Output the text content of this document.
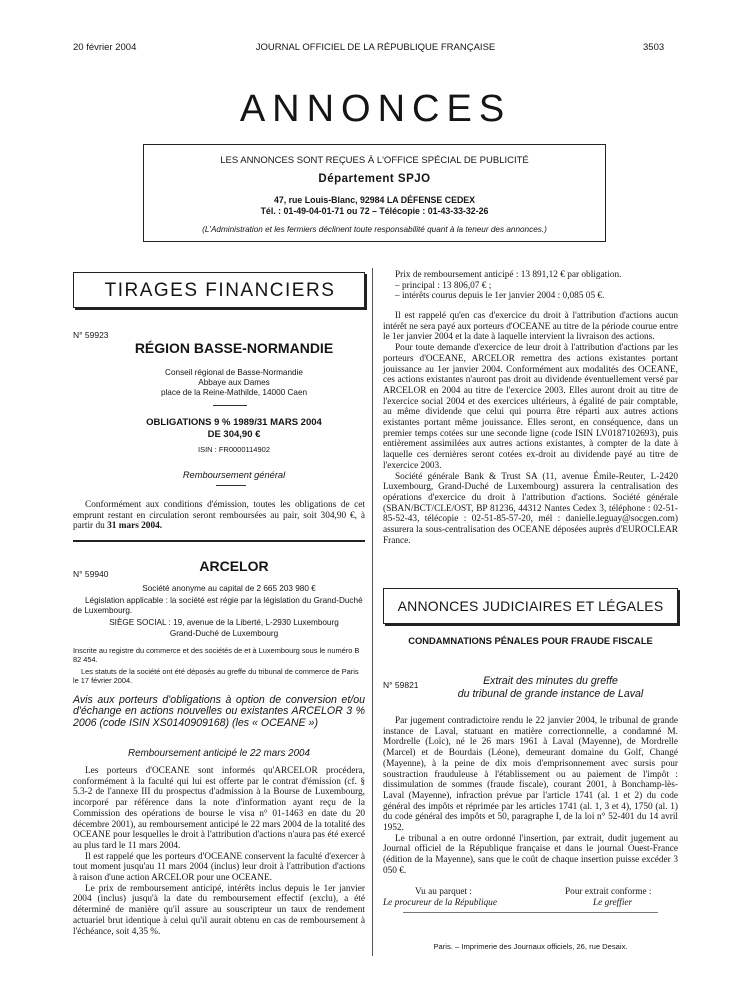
20 février 2004	JOURNAL OFFICIEL DE LA RÉPUBLIQUE FRANÇAISE	3503
ANNONCES
LES ANNONCES SONT REÇUES À L'OFFICE SPÉCIAL DE PUBLICITÉ
Département SPJO
47, rue Louis-Blanc, 92984 LA DÉFENSE CEDEX
Tél. : 01-49-04-01-71 ou 72 – Télécopie : 01-43-33-32-26
(L'Administration et les fermiers déclinent toute responsabilité quant à la teneur des annonces.)
TIRAGES FINANCIERS
N° 59923
RÉGION BASSE-NORMANDIE
Conseil régional de Basse-Normandie
Abbaye aux Dames
place de la Reine-Mathilde, 14000 Caen
OBLIGATIONS 9 % 1989/31 MARS 2004
DE 304,90 €
ISIN : FR0000114902
Remboursement général

Conformément aux conditions d'émission, toutes les obligations de cet emprunt restant en circulation seront remboursées au pair, soit 304,90 €, à partir du 31 mars 2004.

N° 59940	ARCELOR
Société anonyme au capital de 2 665 203 980 €
Législation applicable : la société est régie par la législation du Grand-Duché de Luxembourg.
SIÈGE SOCIAL : 19, avenue de la Liberté, L-2930 Luxembourg
Grand-Duché de Luxembourg
Inscrite au registre du commerce et des sociétés de et à Luxembourg sous le numéro B 82 454.
Les statuts de la société ont été déposés au greffe du tribunal de commerce de Paris le 17 février 2004.
Avis aux porteurs d'obligations à option de conversion et/ou d'échange en actions nouvelles ou existantes ARCELOR 3 % 2006 (code ISIN XS0140909168) (les « OCEANE »)
Remboursement anticipé le 22 mars 2004

Les porteurs d'OCEANE sont informés qu'ARCELOR procédera, conformément à la faculté qui lui est offerte par le contrat d'émission (cf. § 5.3-2 de l'annexe III du prospectus d'admission à la Bourse de Luxembourg, incorporé par référence dans la note d'information ayant reçu de la Commission des opérations de bourse le visa n° 01-1463 en date du 20 décembre 2001), au remboursement anticipé le 22 mars 2004 de la totalité des OCEANE pour lesquelles le droit à l'attribution d'actions n'aura pas été exercé au plus tard le 11 mars 2004.

Il est rappelé que les porteurs d'OCEANE conservent la faculté d'exercer à tout moment jusqu'au 11 mars 2004 (inclus) leur droit à l'attribution d'actions à raison d'une action ARCELOR pour une OCEANE.

Le prix de remboursement anticipé, intérêts inclus depuis le 1er janvier 2004 (inclus) jusqu'à la date du remboursement effectif (exclu), a été déterminé de manière qu'il assure au souscripteur un taux de rendement actuariel brut identique à celui qu'il aurait obtenu en cas de remboursement à l'échéance, soit 4,35 %.

Prix de remboursement anticipé : 13 891,12 € par obligation.

– principal : 13 806,07 € ;

– intérêts courus depuis le 1er janvier 2004 : 0,085 05 €.

Il est rappelé qu'en cas d'exercice du droit à l'attribution d'actions aucun intérêt ne sera payé aux porteurs d'OCEANE au titre de la période courue entre le 1er janvier 2004 et la date à laquelle intervient la livraison des actions.

Pour toute demande d'exercice de leur droit à l'attribution d'actions par les porteurs d'OCEANE, ARCELOR remettra des actions existantes portant jouissance au 1er janvier 2004. Conformément aux modalités des OCEANE, ces actions existantes n'auront pas droit au dividende éventuellement versé par ARCELOR en 2004 au titre de l'exercice 2003. Elles auront droit au titre de l'exercice social 2004 et des exercices ultérieurs, à égalité de pair comptable, au même dividende que celui qui pourra être réparti aux autres actions existantes portant même jouissance. Elles seront, en conséquence, dans un premier temps cotées sur une seconde ligne (code ISIN LV0187102693), puis entièrement assimilées aux autres actions existantes, à compter de la date à laquelle ces dernières seront cotées ex-droit au dividende payé au titre de l'exercice 2003.

Société générale Bank & Trust SA (11, avenue Émile-Reuter, L-2420 Luxembourg, Grand-Duché de Luxembourg) assurera la centralisation des opérations d'exercice du droit à l'attribution d'actions. Société générale (SBAN/BCT/CLE/OST, BP 81236, 44312 Nantes Cedex 3, téléphone : 02-51-85-52-43, télécopie : 02-51-85-57-20, mél : danielle.leguay@socgen.com) assurera la sous-centralisation des OCEANE déposées auprès d'EUROCLEAR France.

ANNONCES JUDICIAIRES ET LÉGALES
CONDAMNATIONS PÉNALES POUR FRAUDE FISCALE
N° 59821	Extrait des minutes du greffe
du tribunal de grande instance de Laval

Par jugement contradictoire rendu le 22 janvier 2004, le tribunal de grande instance de Laval, statuant en matière correctionnelle, a condamné M. Mordrelle (Loïc), né le 26 mars 1961 à Laval (Mayenne), de Mordrelle (Marcel) et de Bourdais (Léone), demeurant domaine du Golf, Changé (Mayenne), à la peine de dix mois d'emprisonnement avec sursis pour soustraction frauduleuse à l'établissement ou au paiement de l'impôt : dissimulation de sommes (fraude fiscale), courant 2001, à Bonchamp-lès-Laval (Mayenne), infraction prévue par l'article 1741 (al. 1 et 2) du code général des impôts et réprimée par les articles 1741 (al. 1, 3 et 4), 1750 (al. 1) du code général des impôts et 50, paragraphe I, de la loi n° 52-401 du 14 avril 1952.

Le tribunal a en outre ordonné l'insertion, par extrait, dudit jugement au Journal officiel de la République française et dans le journal Ouest-France (édition de la Mayenne), sans que le coût de chaque insertion puisse excéder 3 050 €.

Vu au parquet :	Pour extrait conforme :
Le procureur de la République	Le greffier
Paris. – Imprimerie des Journaux officiels, 26, rue Desaix.
